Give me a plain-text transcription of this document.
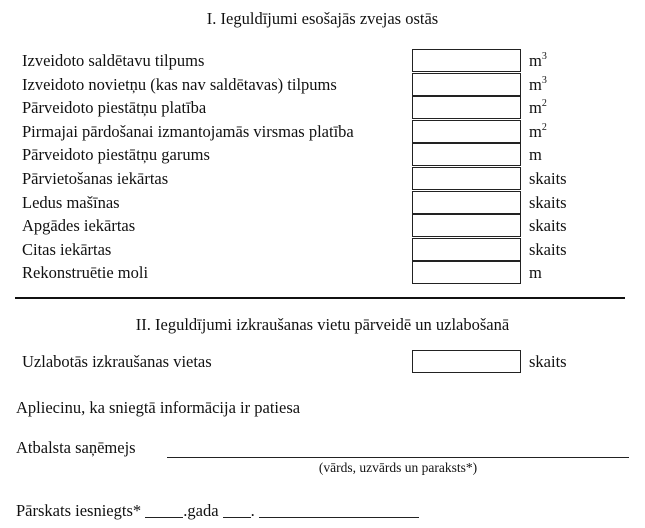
I. Ieguldījumi esošajās zvejas ostās
Izveidoto saldētavu tilpums	$m^3$
Izveidoto novietņu (kas nav saldētavas) tilpums	$m^3$
Pārveidoto piestātņu platība	$m^2$
Pirmajai pārdošanai izmantojamās virsmas platība	$m^2$
Pārveidoto piestātņu garums	m
Pārvietošanas iekārtas	skaits
Ledus mašīnas	skaits
Apgādes iekārtas	skaits
Citas iekārtas	skaits
Rekonstruētie moli	m
II. Ieguldījumi izkraušanas vietu pārveidē un uzlabošanā
Uzlabotās izkraušanas vietas	skaits
Apliecinu, ka sniegtā informācija ir patiesa
Atbalsta saņēmejs
(vārds, uzvārds un paraksts*)
Pārskats iesniegts*	.gada .
